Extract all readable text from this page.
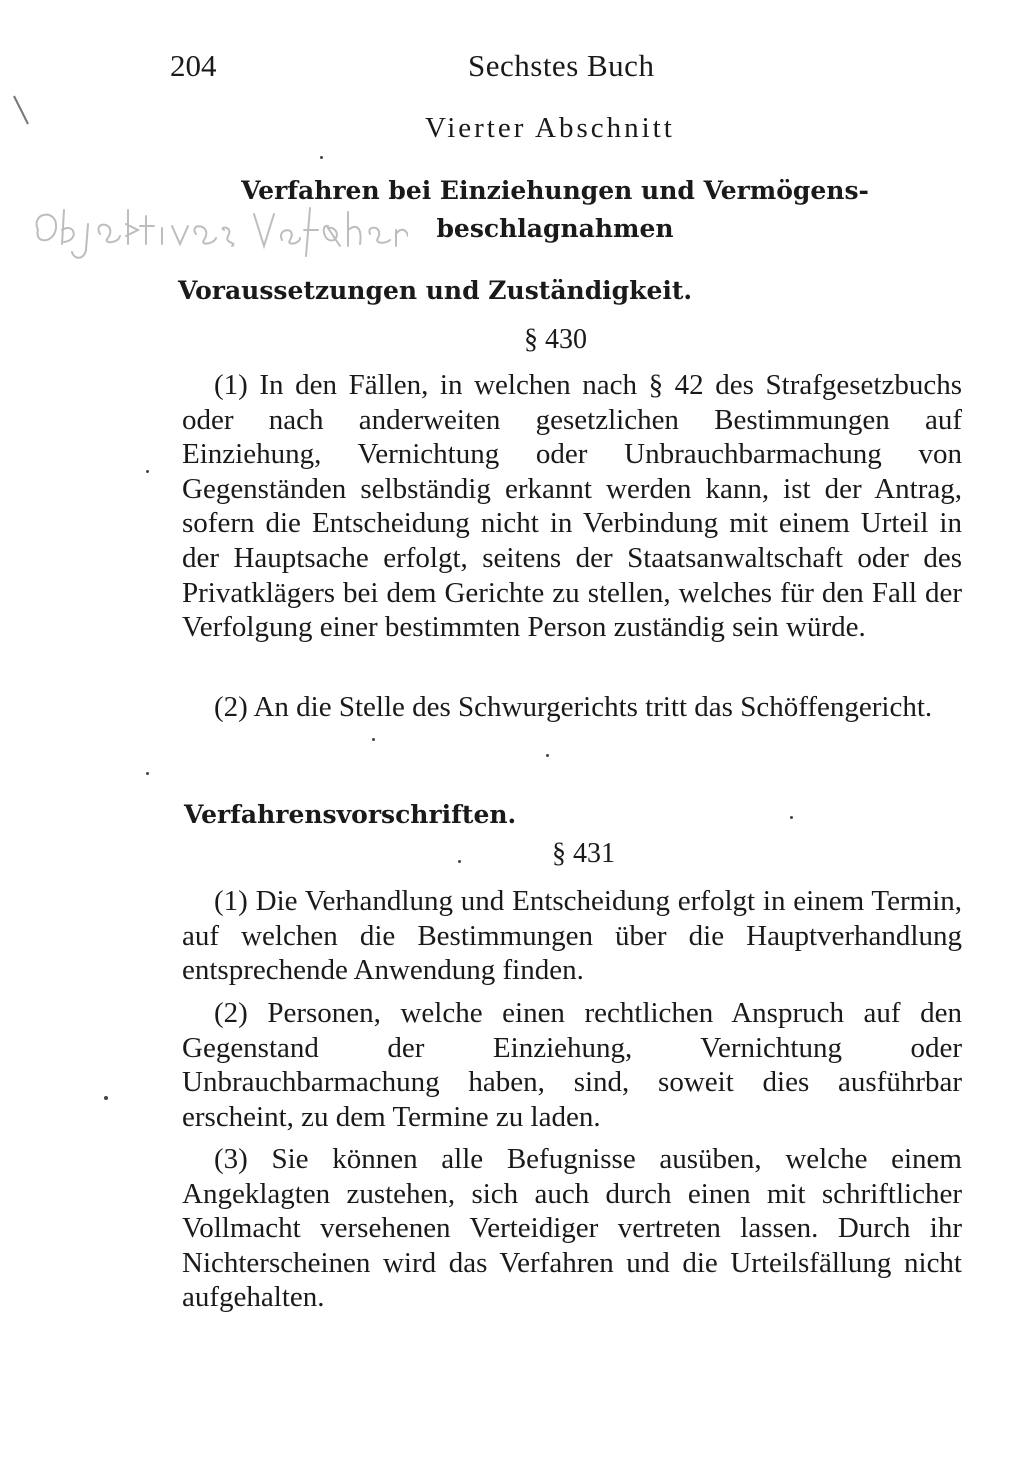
204	Sechstes Buch
Vierter Abschnitt
Verfahren bei Einziehungen und Vermögens-
beschlagnahmen
Voraussetzungen und Zuständigkeit.
§ 430
(1) In den Fällen, in welchen nach § 42 des Strafgesetzbuchs oder nach anderweiten gesetzlichen Bestimmungen auf Einziehung, Vernichtung oder Unbrauchbarmachung von Gegenständen selbständig erkannt werden kann, ist der Antrag, sofern die Entscheidung nicht in Verbindung mit einem Urteil in der Hauptsache erfolgt, seitens der Staatsanwaltschaft oder des Privatklägers bei dem Gerichte zu stellen, welches für den Fall der Verfolgung einer bestimmten Person zuständig sein würde.
(2) An die Stelle des Schwurgerichts tritt das Schöffengericht.
Verfahrensvorschriften.
§ 431
(1) Die Verhandlung und Entscheidung erfolgt in einem Termin, auf welchen die Bestimmungen über die Hauptverhandlung entsprechende Anwendung finden.
(2) Personen, welche einen rechtlichen Anspruch auf den Gegenstand der Einziehung, Vernichtung oder Unbrauchbarmachung haben, sind, soweit dies ausführbar erscheint, zu dem Termine zu laden.
(3) Sie können alle Befugnisse ausüben, welche einem Angeklagten zustehen, sich auch durch einen mit schriftlicher Vollmacht versehenen Verteidiger vertreten lassen. Durch ihr Nichterscheinen wird das Verfahren und die Urteilsfällung nicht aufgehalten.
